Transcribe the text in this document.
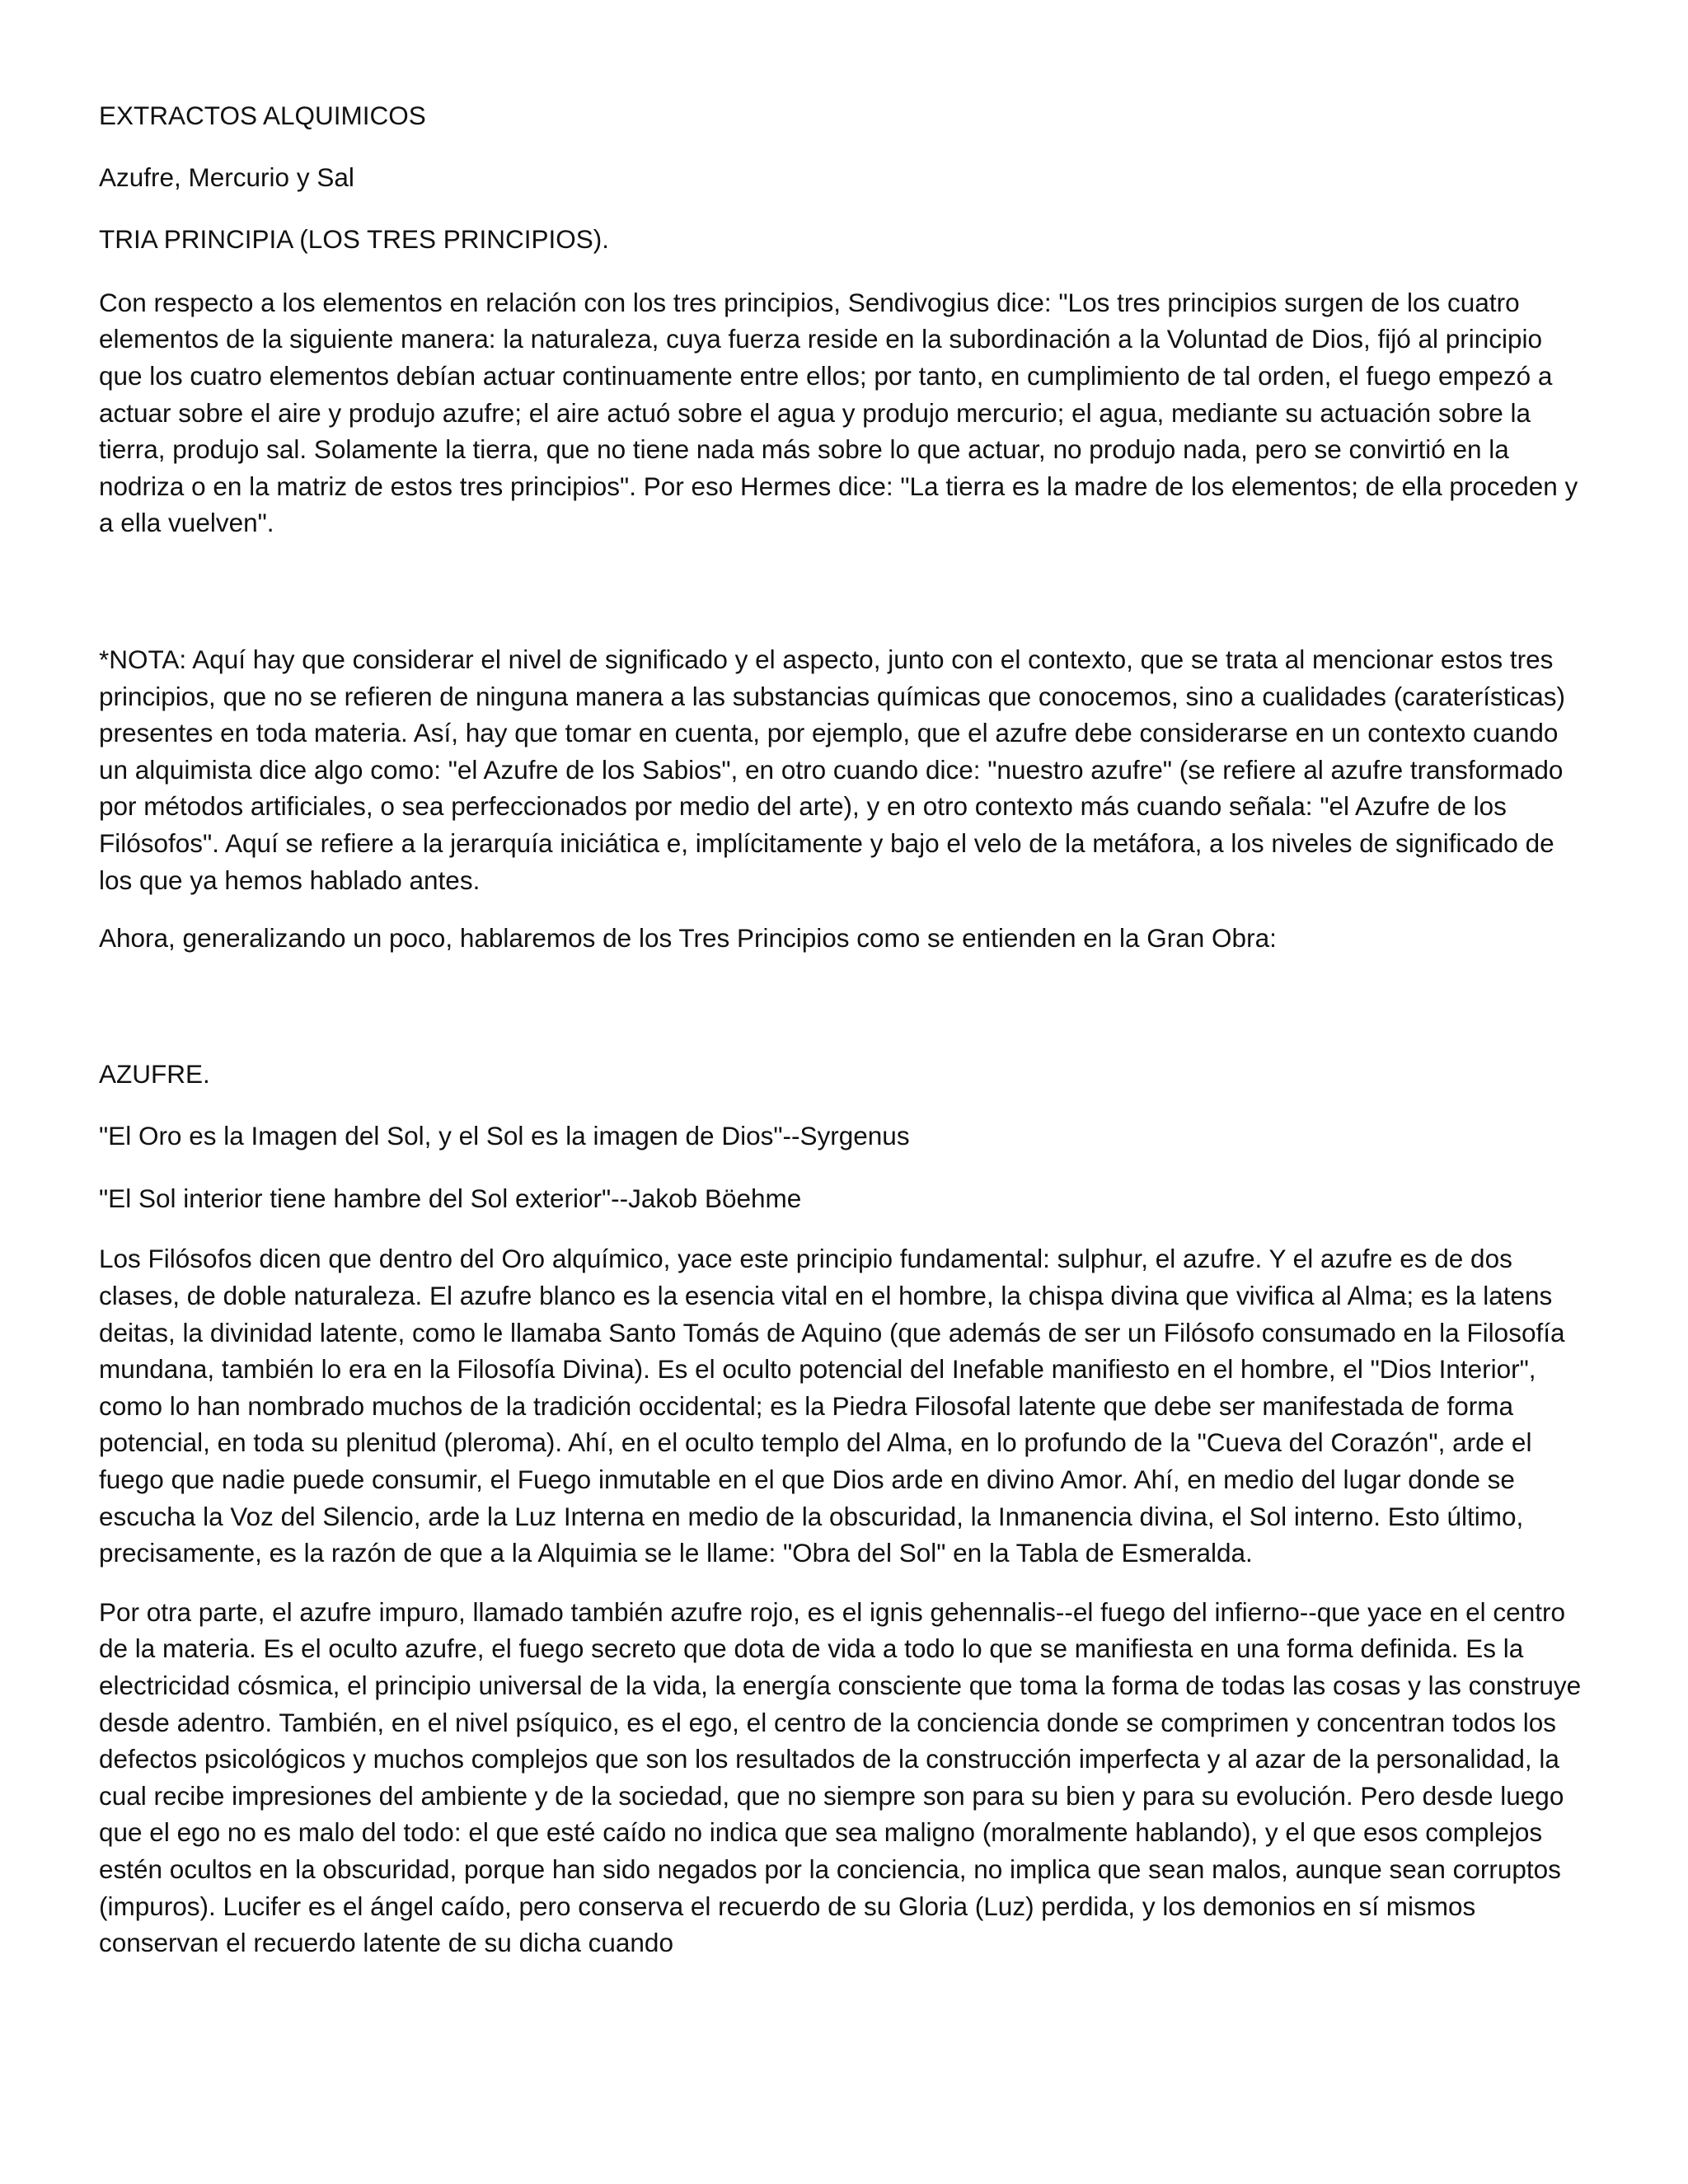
EXTRACTOS ALQUIMICOS

Azufre, Mercurio y Sal

TRIA PRINCIPIA (LOS TRES PRINCIPIOS).

Con respecto a los elementos en relación con los tres principios, Sendivogius dice: "Los tres principios surgen de los cuatro elementos de la siguiente manera: la naturaleza, cuya fuerza reside en la subordinación a la Voluntad de Dios, fijó al principio que los cuatro elementos debían actuar continuamente entre ellos; por tanto, en cumplimiento de tal orden, el fuego empezó a actuar sobre el aire y produjo azufre; el aire actuó sobre el agua y produjo mercurio; el agua, mediante su actuación sobre la tierra, produjo sal. Solamente la tierra, que no tiene nada más sobre lo que actuar, no produjo nada, pero se convirtió en la nodriza o en la matriz de estos tres principios". Por eso Hermes dice: "La tierra es la madre de los elementos; de ella proceden y a ella vuelven".

*NOTA: Aquí hay que considerar el nivel de significado y el aspecto, junto con el contexto, que se trata al mencionar estos tres principios, que no se refieren de ninguna manera a las substancias químicas que conocemos, sino a cualidades (caraterísticas) presentes en toda materia. Así, hay que tomar en cuenta, por ejemplo, que el azufre debe considerarse en un contexto cuando un alquimista dice algo como: "el Azufre de los Sabios", en otro cuando dice: "nuestro azufre" (se refiere al azufre transformado por métodos artificiales, o sea perfeccionados por medio del arte), y en otro contexto más cuando señala: "el Azufre de los Filósofos". Aquí se refiere a la jerarquía iniciática e, implícitamente y bajo el velo de la metáfora, a los niveles de significado de los que ya hemos hablado antes.

Ahora, generalizando un poco, hablaremos de los Tres Principios como se entienden en la Gran Obra:

AZUFRE.

"El Oro es la Imagen del Sol, y el Sol es la imagen de Dios"--Syrgenus

"El Sol interior tiene hambre del Sol exterior"--Jakob Böehme

Los Filósofos dicen que dentro del Oro alquímico, yace este principio fundamental: sulphur, el azufre. Y el azufre es de dos clases, de doble naturaleza. El azufre blanco es la esencia vital en el hombre, la chispa divina que vivifica al Alma; es la latens deitas, la divinidad latente, como le llamaba Santo Tomás de Aquino (que además de ser un Filósofo consumado en la Filosofía mundana, también lo era en la Filosofía Divina). Es el oculto potencial del Inefable manifiesto en el hombre, el "Dios Interior", como lo han nombrado muchos de la tradición occidental; es la Piedra Filosofal latente que debe ser manifestada de forma potencial, en toda su plenitud (pleroma). Ahí, en el oculto templo del Alma, en lo profundo de la "Cueva del Corazón", arde el fuego que nadie puede consumir, el Fuego inmutable en el que Dios arde en divino Amor. Ahí, en medio del lugar donde se escucha la Voz del Silencio, arde la Luz Interna en medio de la obscuridad, la Inmanencia divina, el Sol interno. Esto último, precisamente, es la razón de que a la Alquimia se le llame: "Obra del Sol" en la Tabla de Esmeralda.

Por otra parte, el azufre impuro, llamado también azufre rojo, es el ignis gehennalis--el fuego del infierno--que yace en el centro de la materia. Es el oculto azufre, el fuego secreto que dota de vida a todo lo que se manifiesta en una forma definida. Es la electricidad cósmica, el principio universal de la vida, la energía consciente que toma la forma de todas las cosas y las construye desde adentro. También, en el nivel psíquico, es el ego, el centro de la conciencia donde se comprimen y concentran todos los defectos psicológicos y muchos complejos que son los resultados de la construcción imperfecta y al azar de la personalidad, la cual recibe impresiones del ambiente y de la sociedad, que no siempre son para su bien y para su evolución. Pero desde luego que el ego no es malo del todo: el que esté caído no indica que sea maligno (moralmente hablando), y el que esos complejos estén ocultos en la obscuridad, porque han sido negados por la conciencia, no implica que sean malos, aunque sean corruptos (impuros). Lucifer es el ángel caído, pero conserva el recuerdo de su Gloria (Luz) perdida, y los demonios en sí mismos conservan el recuerdo latente de su dicha cuando
